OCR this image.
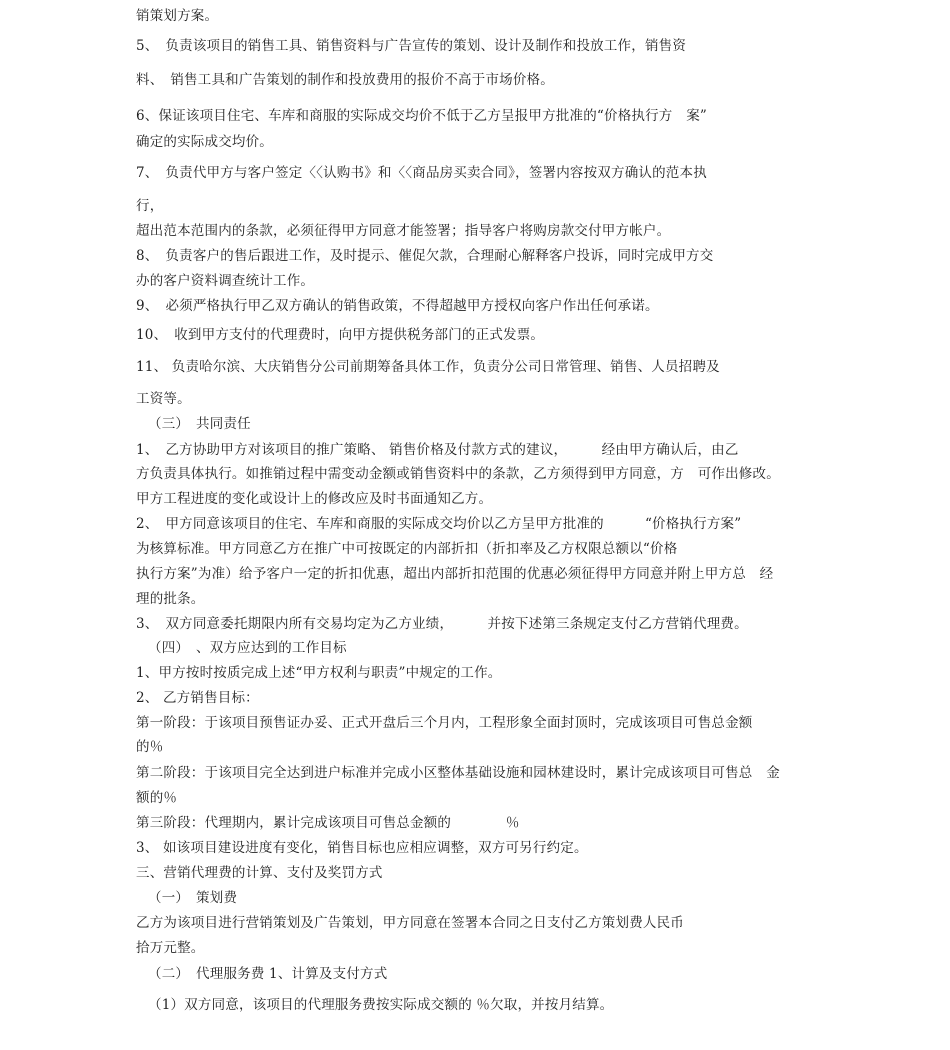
销策划方案。
5、　负责该项目的销售工具、销售资料与广告宣传的策划、设计及制作和投放工作，销售资
料、　销售工具和广告策划的制作和投放费用的报价不高于市场价格。
6、保证该项目住宅、车库和商服的实际成交均价不低于乙方呈报甲方批准的“价格执行方　案”
确定的实际成交均价。
7、　负责代甲方与客户签定〈〈认购书》和〈〈商品房买卖合同》，签署内容按双方确认的范本执
行，
超出范本范围内的条款，必须征得甲方同意才能签署；指导客户将购房款交付甲方帐户。
8、　负责客户的售后跟进工作，及时提示、催促欠款，合理耐心解释客户投诉，同时完成甲方交
办的客户资料调查统计工作。
9、　必须严格执行甲乙双方确认的销售政策，不得超越甲方授权向客户作出任何承诺。
10、　收到甲方支付的代理费时，向甲方提供税务部门的正式发票。
11、 负责哈尔滨、大庆销售分公司前期筹备具体工作，负责分公司日常管理、销售、人员招聘及
工资等。
（三）　共同责任
1、　乙方协助甲方对该项目的推广策略、 销售价格及付款方式的建议，　　　经由甲方确认后，由乙
方负责具体执行。如推销过程中需变动金额或销售资料中的条款，乙方须得到甲方同意，方　可作出修改。
甲方工程进度的变化或设计上的修改应及时书面通知乙方。
2、　甲方同意该项目的住宅、车库和商服的实际成交均价以乙方呈甲方批准的　　　“价格执行方案”
为核算标准。甲方同意乙方在推广中可按既定的内部折扣（折扣率及乙方权限总额以“价格
执行方案”为准）给予客户一定的折扣优惠，超出内部折扣范围的优惠必须征得甲方同意并附上甲方总　经
理的批条。
3、　双方同意委托期限内所有交易均定为乙方业绩，　　　并按下述第三条规定支付乙方营销代理费。
（四）　、双方应达到的工作目标
1、甲方按时按质完成上述“甲方权利与职责”中规定的工作。
2、 乙方销售目标：
第一阶段：于该项目预售证办妥、正式开盘后三个月内，工程形象全面封顶时，完成该项目可售总金额
的％
第二阶段：于该项目完全达到进户标准并完成小区整体基础设施和园林建设时，累计完成该项目可售总　金
额的％
第三阶段：代理期内，累计完成该项目可售总金额的　　　　％
3、 如该项目建设进度有变化，销售目标也应相应调整，双方可另行约定。
三、营销代理费的计算、支付及奖罚方式
（一）　策划费
乙方为该项目进行营销策划及广告策划，甲方同意在签署本合同之日支付乙方策划费人民币
拾万元整。
（二）　代理服务费 1、计算及支付方式
（1）双方同意，该项目的代理服务费按实际成交额的 ％欠取，并按月结算。
